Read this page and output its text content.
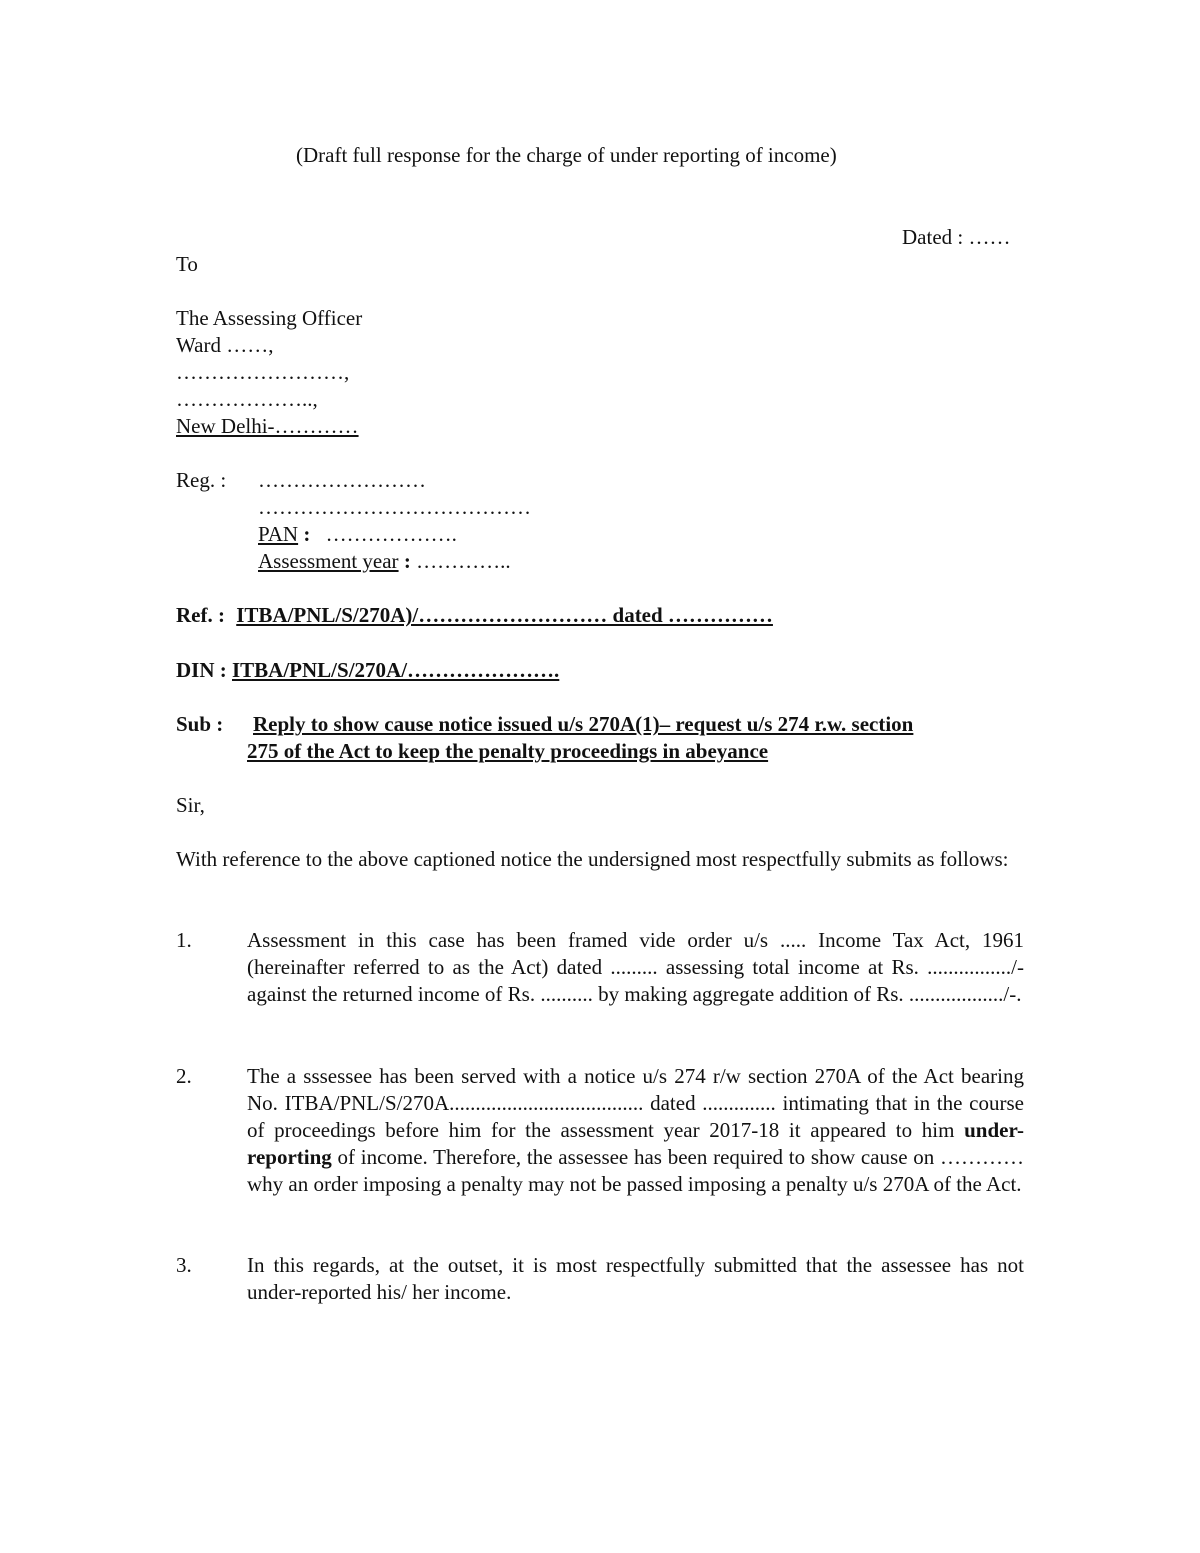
(Draft full response for the charge of under reporting of income)
Dated : ……
To
The Assessing Officer
Ward ……,
……………………,
………………..,
New Delhi-…………
Reg. : ……………………
…………………………………
PAN : ……………….
Assessment year : …………..
Ref. : ITBA/PNL/S/270A)/……………………… dated ……………
DIN : ITBA/PNL/S/270A/………………….
Sub : Reply to show cause notice issued u/s 270A(1)– request u/s 274 r.w. section
275 of the Act to keep the penalty proceedings in abeyance
Sir,
With reference to the above captioned notice the undersigned most respectfully submits as follows:
1.	Assessment in this case has been framed vide order u/s ..... Income Tax Act, 1961 (hereinafter referred to as the Act) dated ......... assessing total income at Rs. ................/- against the returned income of Rs. .......... by making aggregate addition of Rs. ................../-.
2.	The a sssessee has been served with a notice u/s 274 r/w section 270A of the Act bearing No. ITBA/PNL/S/270A..................................... dated .............. intimating that in the course of proceedings before him for the assessment year 2017-18 it appeared to him under-reporting of income. Therefore, the assessee has been required to show cause on …………why an order imposing a penalty may not be passed imposing a penalty u/s 270A of the Act.
3.	In this regards, at the outset, it is most respectfully submitted that the assessee has not under-reported his/ her income.
